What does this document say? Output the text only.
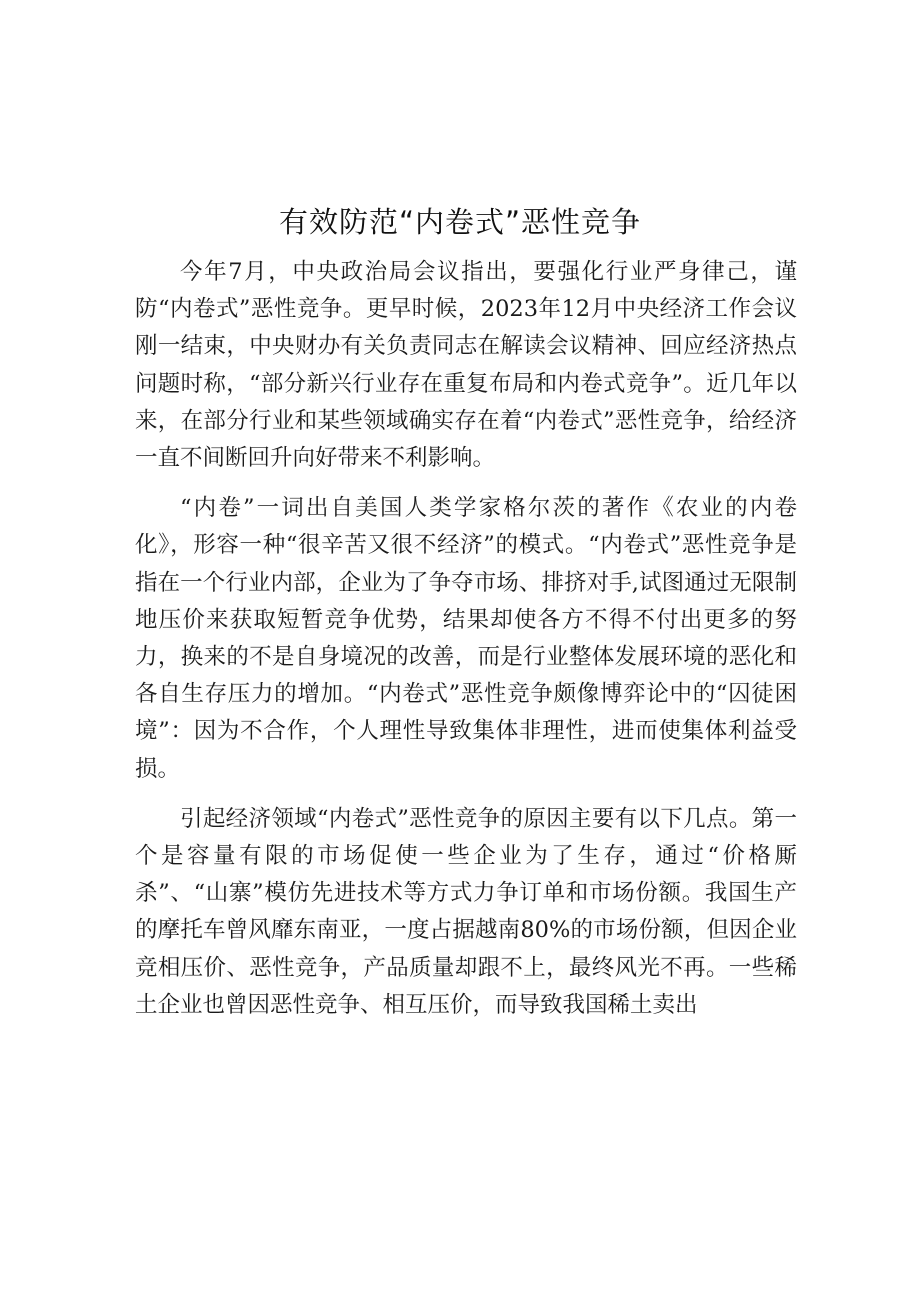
有效防范“内卷式”恶性竞争

今年7月，中央政治局会议指出，要强化行业严身律己，谨防“内卷式”恶性竞争。更早时候，2023年12月中央经济工作会议刚一结束，中央财办有关负责同志在解读会议精神、回应经济热点问题时称，“部分新兴行业存在重复布局和内卷式竞争”。近几年以来，在部分行业和某些领域确实存在着“内卷式”恶性竞争，给经济一直不间断回升向好带来不利影响。

“内卷”一词出自美国人类学家格尔茨的著作《农业的内卷化》，形容一种“很辛苦又很不经济”的模式。“内卷式”恶性竞争是指在一个行业内部，企业为了争夺市场、排挤对手,试图通过无限制地压价来获取短暂竞争优势，结果却使各方不得不付出更多的努力，换来的不是自身境况的改善，而是行业整体发展环境的恶化和各自生存压力的增加。“内卷式”恶性竞争颇像博弈论中的“囚徒困境”：因为不合作，个人理性导致集体非理性，进而使集体利益受损。

引起经济领域“内卷式”恶性竞争的原因主要有以下几点。第一个是容量有限的市场促使一些企业为了生存，通过“价格厮杀”、“山寨”模仿先进技术等方式力争订单和市场份额。我国生产的摩托车曾风靡东南亚，一度占据越南80%的市场份额，但因企业竞相压价、恶性竞争，产品质量却跟不上，最终风光不再。一些稀土企业也曾因恶性竞争、相互压价，而导致我国稀土卖出
